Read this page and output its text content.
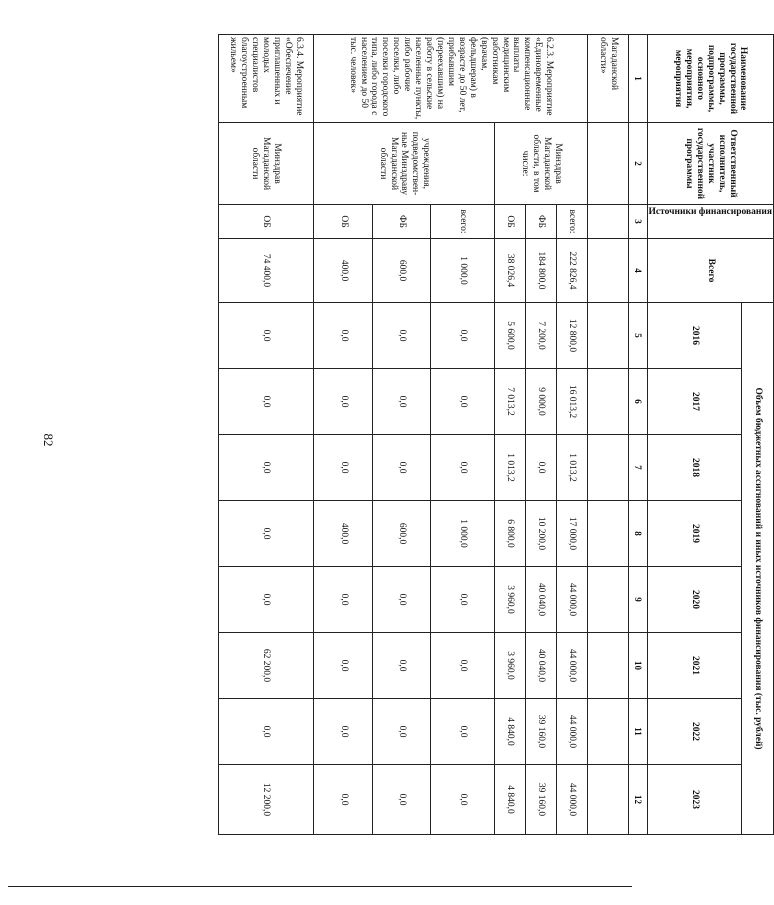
82
Наименование государственной программы, подпрограммы, основного мероприятия, мероприятия	Ответственный исполнитель, участник государственной программы	Источники финансирования	Всего	Объем бюджетных ассигнований и иных источников финансирования (тыс. рублей)							
				2016	2017	2018	2019	2020	2021	2022	2023
1	2	3	4	5	6	7	8	9	10	11	12
Магаданской области»											
6.2.3. Мероприятие «Единовременные компенсационные выплаты медицинским работникам (врачам, фельдшерам) в возрасте до 50 лет, прибывшим (переехавшим) на работу в сельские населенные пункты, либо рабочие поселки, либо поселки городского типа, либо города с населением до 50 тыс. человек»	Минздрав Магаданской области, в том числе:	всего:	222 826,4	12 800,0	16 013,2	1 013,2	17 000,0	44 000,0	44 000,0	44 000,0	44 000,0
		ФБ	184 800,0	7 200,0	9 000,0	0,0	10 200,0	40 040,0	40 040,0	39 160,0	39 160,0
		ОБ	38 026,4	5 600,0	7 013,2	1 013,2	6 800,0	3 960,0	3 960,0	4 840,0	4 840,0
	учреждения, подведомствен-ные Минздраву Магаданской области	всего:	1 000,0	0,0	0,0	0,0	1 000,0	0,0	0,0	0,0	0,0
		ФБ	600,0	0,0	0,0	0,0	600,0	0,0	0,0	0,0	0,0
		ОБ	400,0	0,0	0,0	0,0	400,0	0,0	0,0	0,0	0,0
6.3.4. Мероприятие «Обеспечение приглашенных и молодых специалистов благоустроенным жильем»	Минздрав Магаданской области	ОБ	74 400,0	0,0	0,0	0,0	0,0	0,0	62 200,0	0,0	12 200,0
